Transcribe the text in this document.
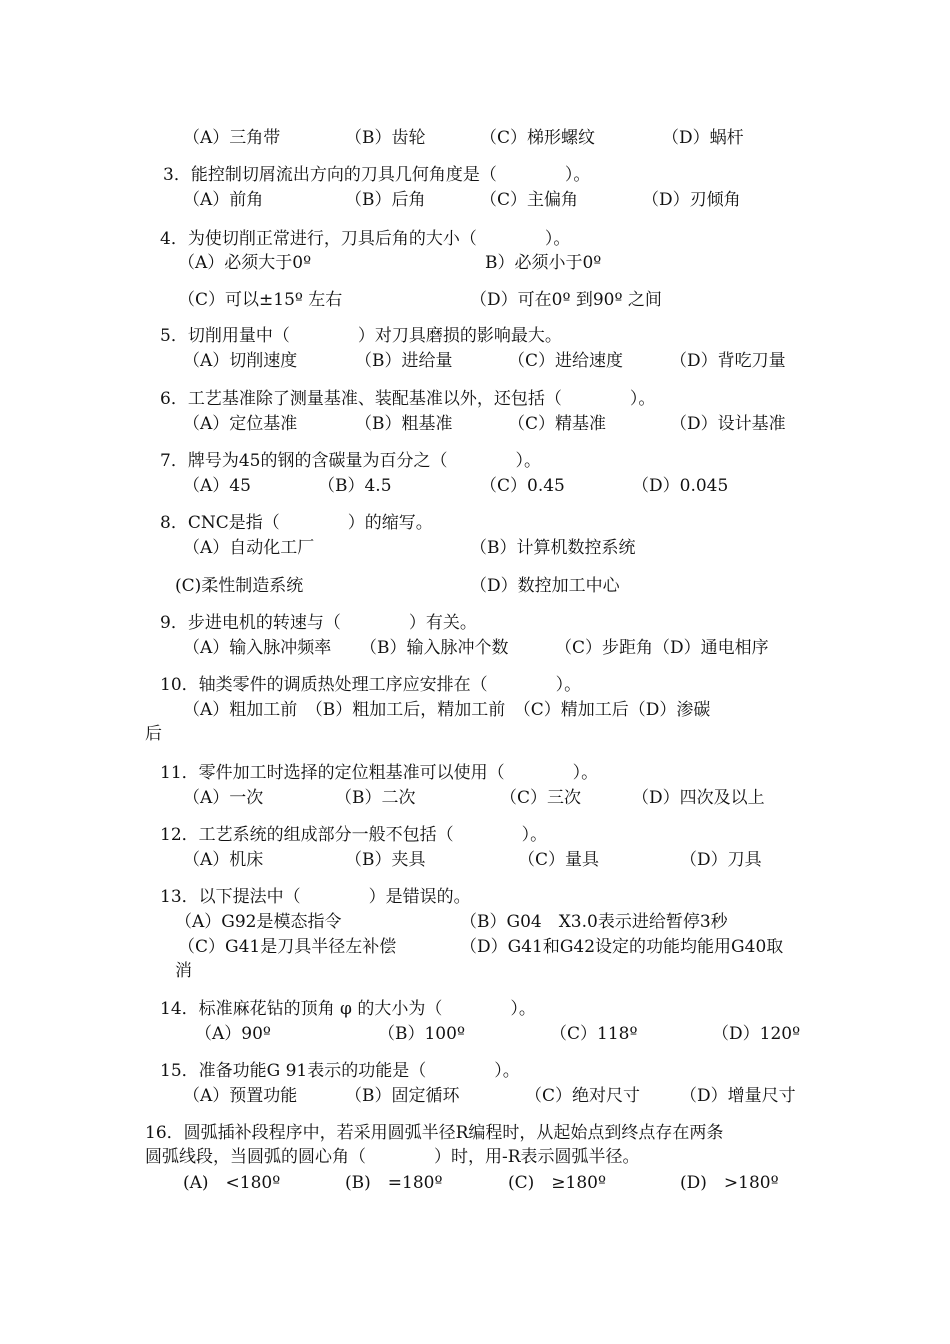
（A）三角带	（B）齿轮	（C）梯形螺纹	（D）蜗杆
3．能控制切屑流出方向的刀具几何角度是（　　　　）。
（A）前角	（B）后角	（C）主偏角	（D）刃倾角
4．为使切削正常进行，刀具后角的大小（　　　　）。
（A）必须大于0º	B）必须小于0º
（C）可以±15º 左右	（D）可在0º 到90º 之间
5．切削用量中（　　　　）对刀具磨损的影响最大。
（A）切削速度	（B）进给量	（C）进给速度	（D）背吃刀量
6．工艺基准除了测量基准、装配基准以外，还包括（　　　　）。
（A）定位基准	（B）粗基准	（C）精基准	（D）设计基准
7．牌号为45的钢的含碳量为百分之（　　　　）。
（A）45	（B）4.5	（C）0.45	（D）0.045
8．CNC是指（　　　　）的缩写。
（A）自动化工厂	（B）计算机数控系统
(C)柔性制造系统	（D）数控加工中心
9．步进电机的转速与（　　　　）有关。
（A）输入脉冲频率 （B）输入脉冲个数	（C）步距角（D）通电相序
10．轴类零件的调质热处理工序应安排在（　　　　）。
（A）粗加工前　（B）粗加工后，精加工前　（C）精加工后（D）渗碳
后
11．零件加工时选择的定位粗基准可以使用（　　　　）。
（A）一次	（B）二次	（C）三次	（D）四次及以上
12．工艺系统的组成部分一般不包括（　　　　）。
（A）机床	（B）夹具	（C）量具	（D）刀具
13．以下提法中（　　　　）是错误的。
（A）G92是模态指令	（B）G04　X3.0表示进给暂停3秒
（C）G41是刀具半径左补偿	（D）G41和G42设定的功能均能用G40取
消
14．标准麻花钻的顶角 φ 的大小为（　　　　）。
（A）90º	（B）100º	（C）118º	（D）120º
15．准备功能G 91表示的功能是（　　　　）。
（A）预置功能	（B）固定循环	（C）绝对尺寸 （D）增量尺寸
16．圆弧插补段程序中，若采用圆弧半径R编程时，从起始点到终点存在两条
圆弧线段，当圆弧的圆心角（　　　　）时，用-R表示圆弧半径。
(A)　<180º	(B)　=180º	(C)　≥180º	(D)　>180º
